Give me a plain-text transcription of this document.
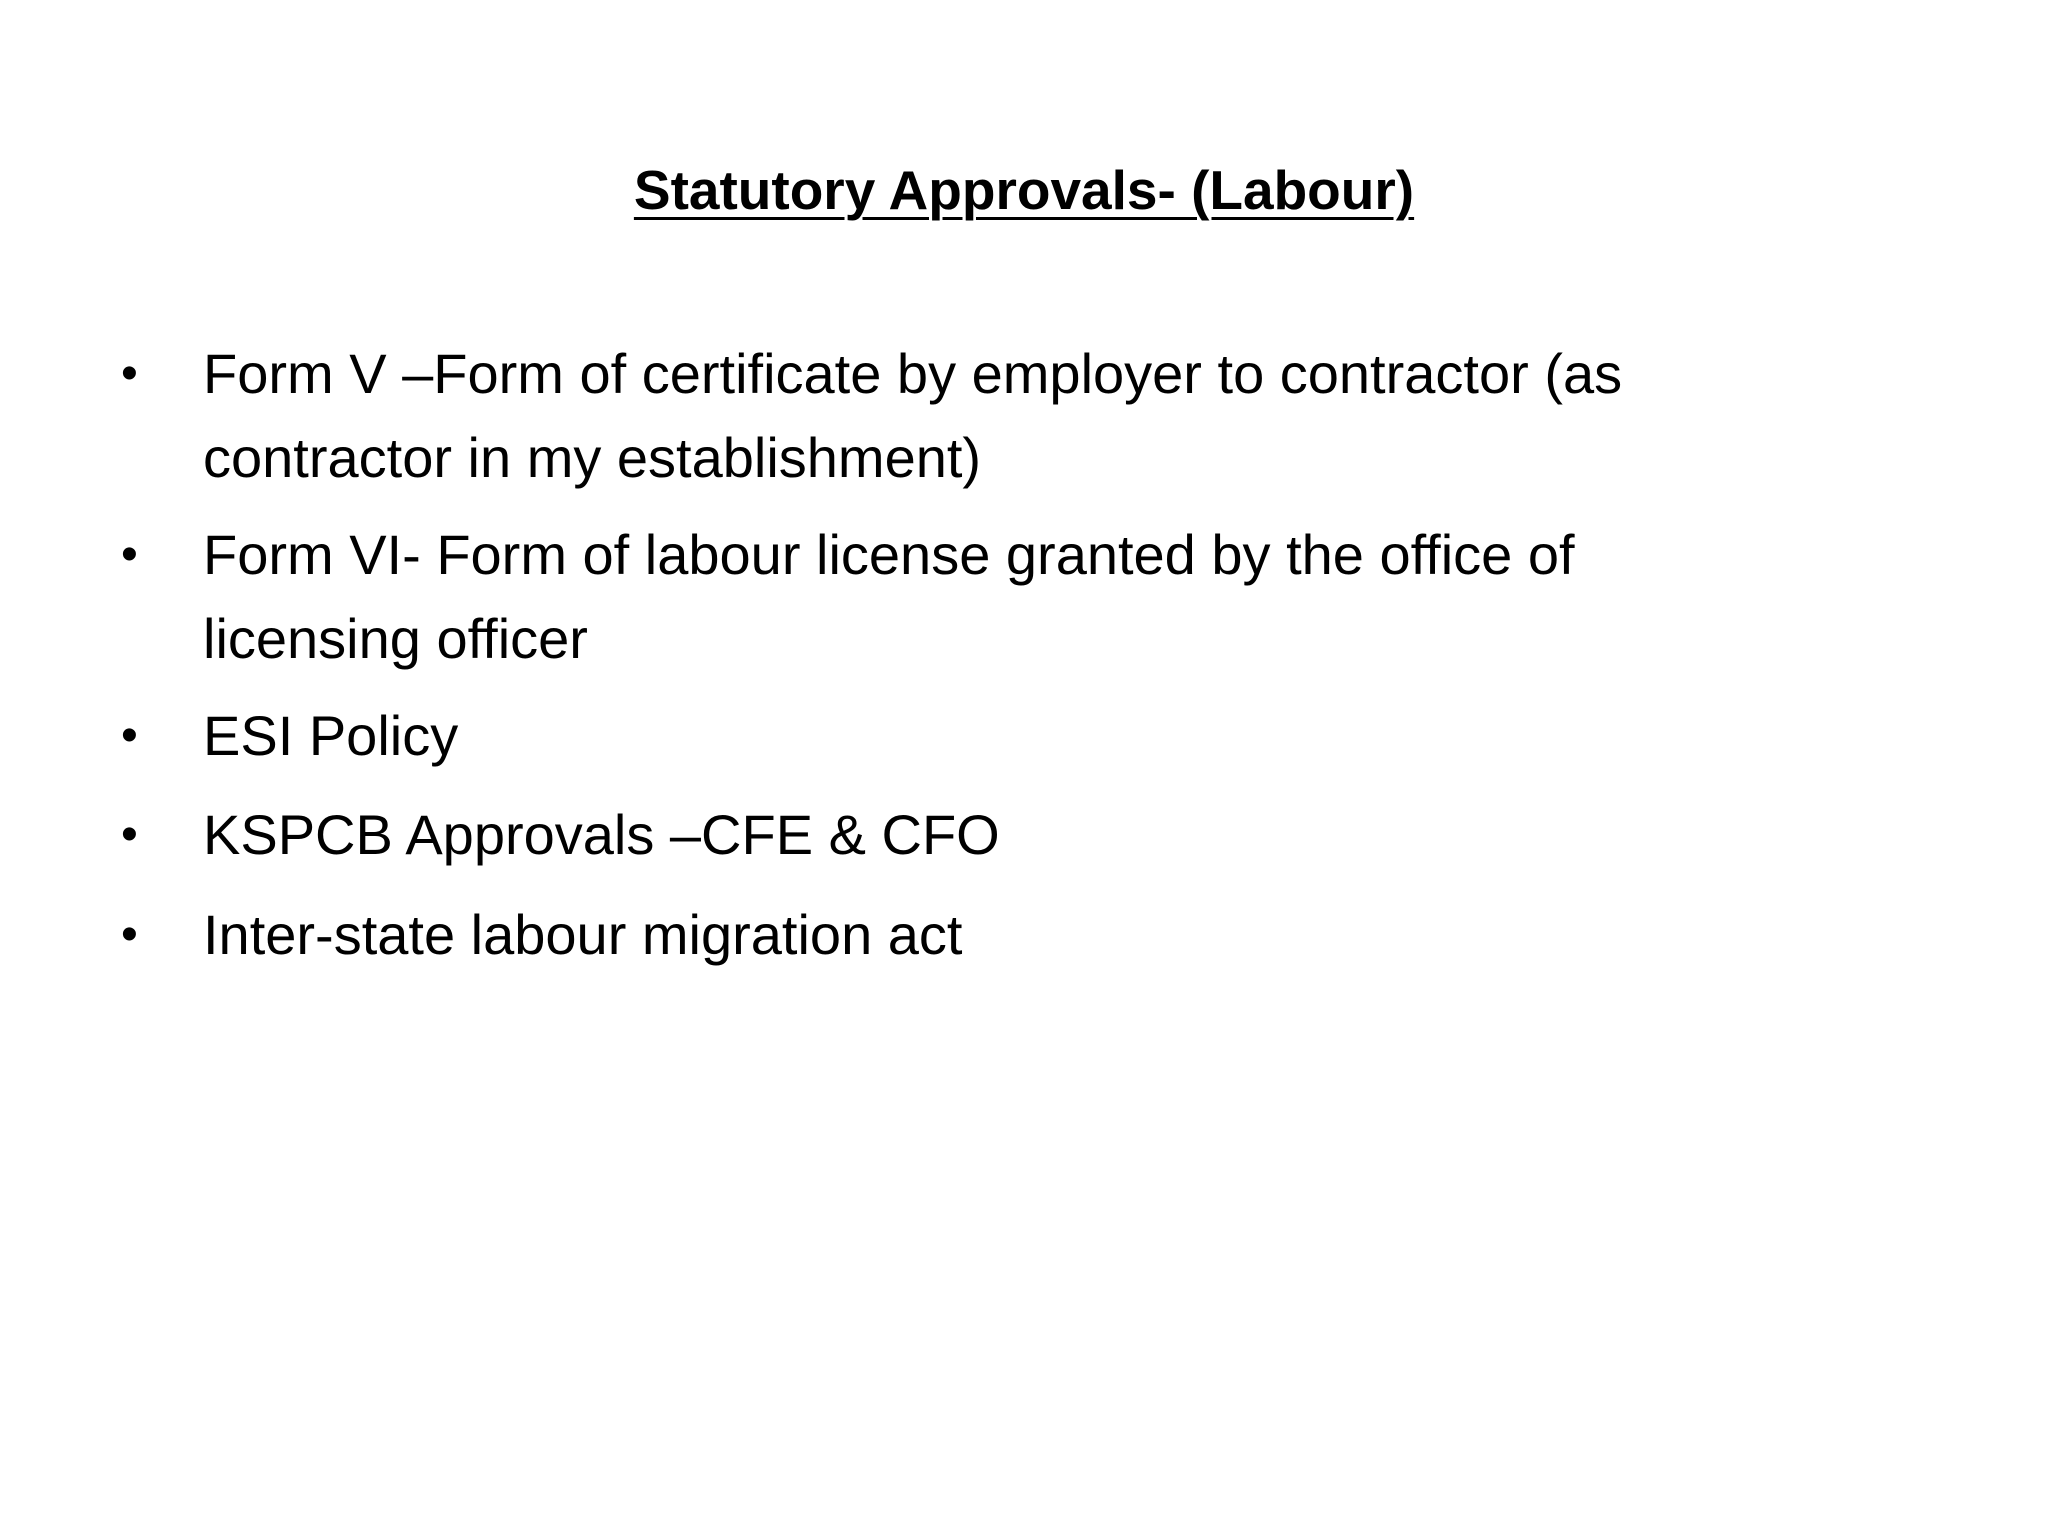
Statutory Approvals- (Labour)
•	Form V –Form of certificate by employer to contractor (as
contractor in my establishment)
•	Form VI- Form of labour license granted by the office of
licensing officer
•	ESI Policy
•	KSPCB Approvals –CFE & CFO
•	Inter-state labour migration act
